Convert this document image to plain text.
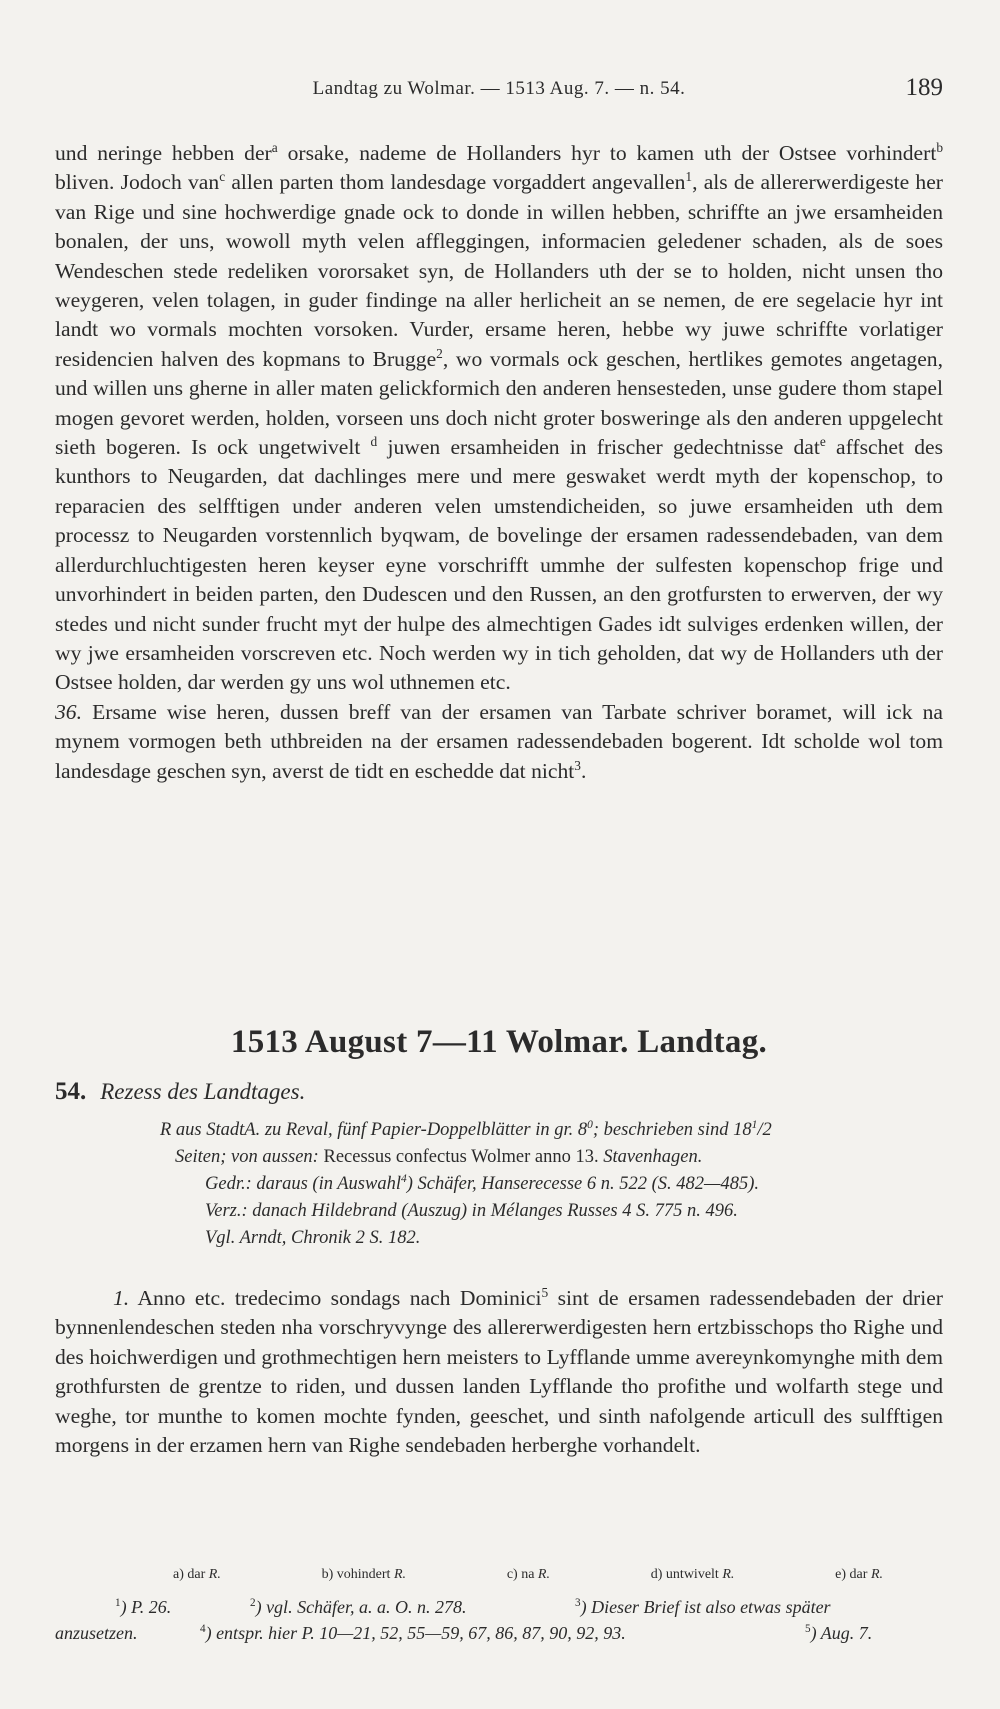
Landtag zu Wolmar. — 1513 Aug. 7. — n. 54.	189

und neringe hebben der$^a$ orsake, nademe de Hollanders hyr to kamen uth der Ostsee vorhindert$^b$ bliven. Jodoch van$^c$ allen parten thom landesdage vorgaddert angevallen$^1$, als de allererwerdigeste her van Rige und sine hochwerdige gnade ock to donde in willen hebben, schriffte an jwe ersamheiden bonalen, der uns, wowoll myth velen affleggingen, informacien geledener schaden, als de soes Wendeschen stede redeliken vororsaket syn, de Hollanders uth der se to holden, nicht unsen tho weygeren, velen tolagen, in guder findinge na aller herlicheit an se nemen, de ere segelacie hyr int landt wo vormals mochten vorsoken. Vurder, ersame heren, hebbe wy juwe schriffte vorlatiger residencien halven des kopmans to Brugge$^2$, wo vormals ock geschen, hertlikes gemotes angetagen, und willen uns gherne in aller maten gelickformich den anderen hensesteden, unse gudere thom stapel mogen gevoret werden, holden, vorseen uns doch nicht groter bosweringe als den anderen uppgelecht sieth bogeren. Is ock ungetwivelt $^d$ juwen ersamheiden in frischer gedechtnisse dat$^e$ affschet des kunthors to Neugarden, dat dachlinges mere und mere geswaket werdt myth der kopenschop, to reparacien des selfftigen under anderen velen umstendicheiden, so juwe ersamheiden uth dem processz to Neugarden vorstennlich byqwam, de bovelinge der ersamen radessendebaden, van dem allerdurchluchtigesten heren keyser eyne vorschrifft ummhe der sulfesten kopenschop frige und unvorhindert in beiden parten, den Dudescen und den Russen, an den grotfursten to erwerven, der wy stedes und nicht sunder frucht myt der hulpe des almechtigen Gades idt sulviges erdenken willen, der wy jwe ersamheiden vorscreven etc. Noch werden wy in tich geholden, dat wy de Hollanders uth der Ostsee holden, dar werden gy uns wol uthnemen etc.

36. Ersame wise heren, dussen breff van der ersamen van Tarbate schriver boramet, will ick na mynem vormogen beth uthbreiden na der ersamen radessendebaden bogerent. Idt scholde wol tom landesdage geschen syn, averst de tidt en eschedde dat nicht$^3$.

1513 August 7—11 Wolmar. Landtag.
54. Rezess des Landtages.
R aus StadtA. zu Reval, fünf Papier-Doppelblätter in gr. $8^0$; beschrieben sind $18^1/2$
Seiten; von aussen: Recessus confectus Wolmer anno 13. Stavenhagen.
Gedr.: daraus (in Auswahl$^4$) Schäfer, Hanserecesse 6 n. 522 (S. 482—485).
Verz.: danach Hildebrand (Auszug) in Mélanges Russes 4 S. 775 n. 496.
Vgl. Arndt, Chronik 2 S. 182.

1. Anno etc. tredecimo sondags nach Dominici$^5$ sint de ersamen radessendebaden der drier bynnenlendeschen steden nha vorschryvynge des allererwerdigesten hern ertzbisschops tho Righe und des hoichwerdigen und grothmechtigen hern meisters to Lyfflande umme avereynkomynghe mith dem grothfursten de grentze to riden, und dussen landen Lyfflande tho profithe und wolfarth stege und weghe, tor munthe to komen mochte fynden, geeschet, und sinth nafolgende articull des sulfftigen morgens in der erzamen hern van Righe sendebaden herberghe vorhandelt.

a) dar R.	b) vohindert R.	c) na R.	d) untwivelt R.	e) dar R.
$^1$) P. 26.	$^2$) vgl. Schäfer, a. a. O. n. 278.	$^3$) Dieser Brief ist also etwas später
anzusetzen.	$^4$) entspr. hier P. 10—21, 52, 55—59, 67, 86, 87, 90, 92, 93.	$^5$) Aug. 7.
